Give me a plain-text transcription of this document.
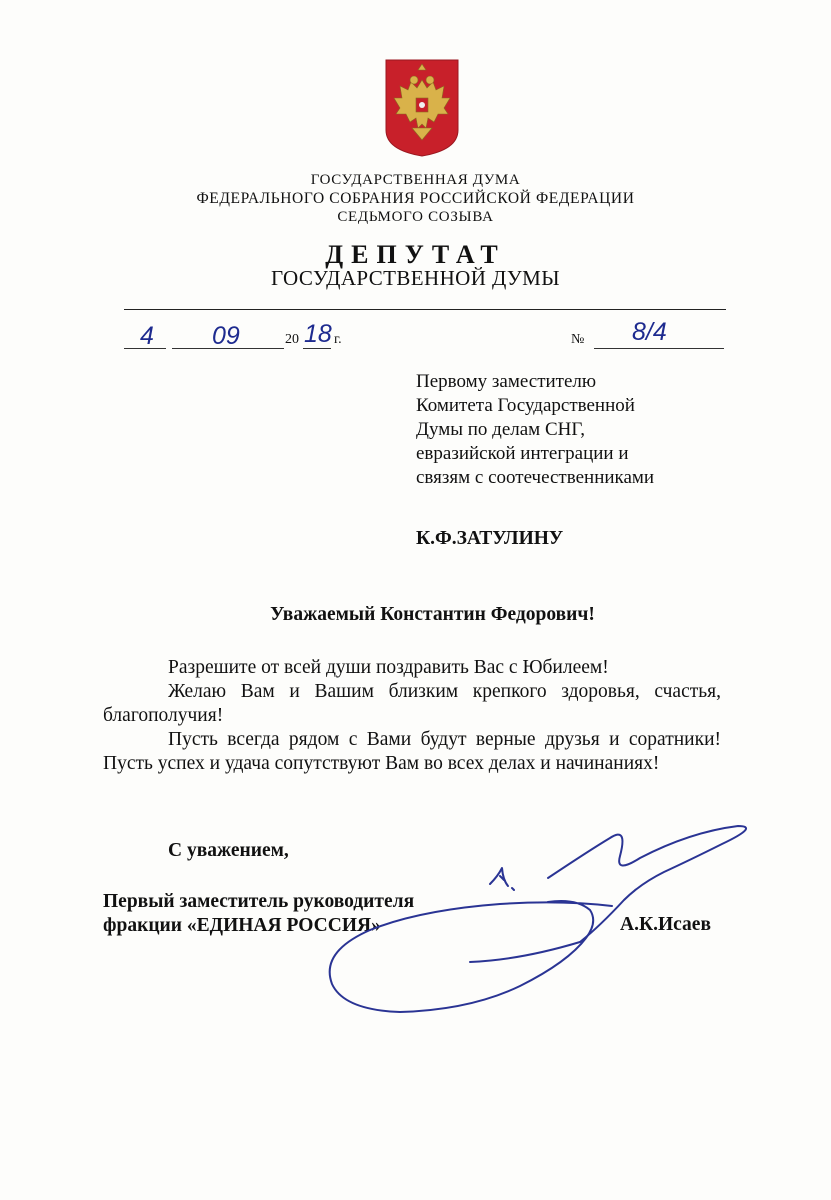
ГОСУДАРСТВЕННАЯ ДУМА
ФЕДЕРАЛЬНОГО СОБРАНИЯ РОССИЙСКОЙ ФЕДЕРАЦИИ
СЕДЬМОГО СОЗЫВА
ДЕПУТАТ
ГОСУДАРСТВЕННОЙ ДУМЫ
4 09	20 18 г.	№ 8/4
Первому заместителю
Комитета Государственной
Думы по делам СНГ,
евразийской интеграции и
связям с соотечественниками
К.Ф.ЗАТУЛИНУ
Уважаемый Константин Федорович!

Разрешите от всей души поздравить Вас с Юбилеем!

Желаю Вам и Вашим близким крепкого здоровья, счастья, благополучия!

Пусть всегда рядом с Вами будут верные друзья и соратники! Пусть успех и удача сопутствуют Вам во всех делах и начинаниях!

С уважением,
Первый заместитель руководителя
фракции «ЕДИНАЯ РОССИЯ»	А.К.Исаев
